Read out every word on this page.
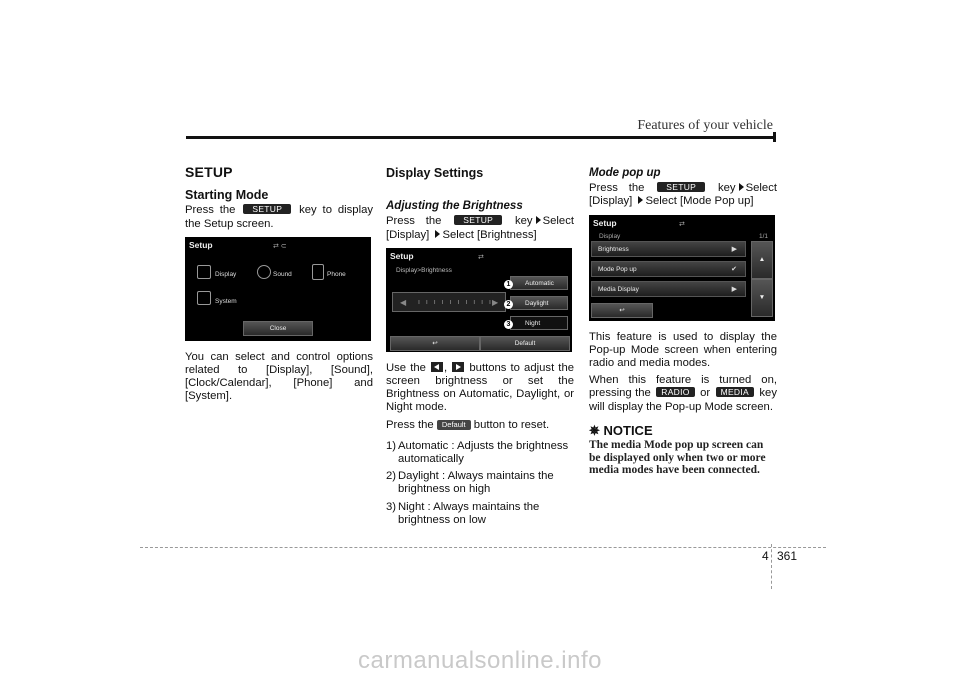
Features of your vehicle
SETUP
Starting Mode

Press the SETUP key to display the Setup screen.

Setup	⇄ ⊂
Display	Sound	Phone
System
Close

You can select and control options related to [Display], [Sound], [Clock/Calendar], [Phone] and [System].

Display Settings
Adjusting the Brightness

Press the	SETUP key Select [Display] Select [Brightness]

Setup	⇄
Display>Brightness
◀ ı ı ı ı ı ı ı ı ı ı ▶
Automatic
Daylight
Night
1
2
3
↩	Default

Use the , buttons to adjust the screen brightness or set the Brightness on Automatic, Daylight, or Night mode.

Press the Default button to reset.

1) Automatic : Adjusts the brightness automatically
2) Daylight : Always maintains the brightness on high
3) Night : Always maintains the brightness on low
Mode pop up

Press the	SETUP key Select [Display] Select [Mode Pop up]

Setup	⇄
Display	1/1
Brightness	▶
Mode Pop up	✔
Media Display	▶
▲
▼
↩

This feature is used to display the Pop-up Mode screen when entering radio and media modes.

When this feature is turned on, pressing the RADIO or MEDIA key will display the Pop-up Mode screen.

✵ NOTICE
The media Mode pop up screen can be displayed only when two or more media modes have been connected.
4 361
carmanualsonline.info
